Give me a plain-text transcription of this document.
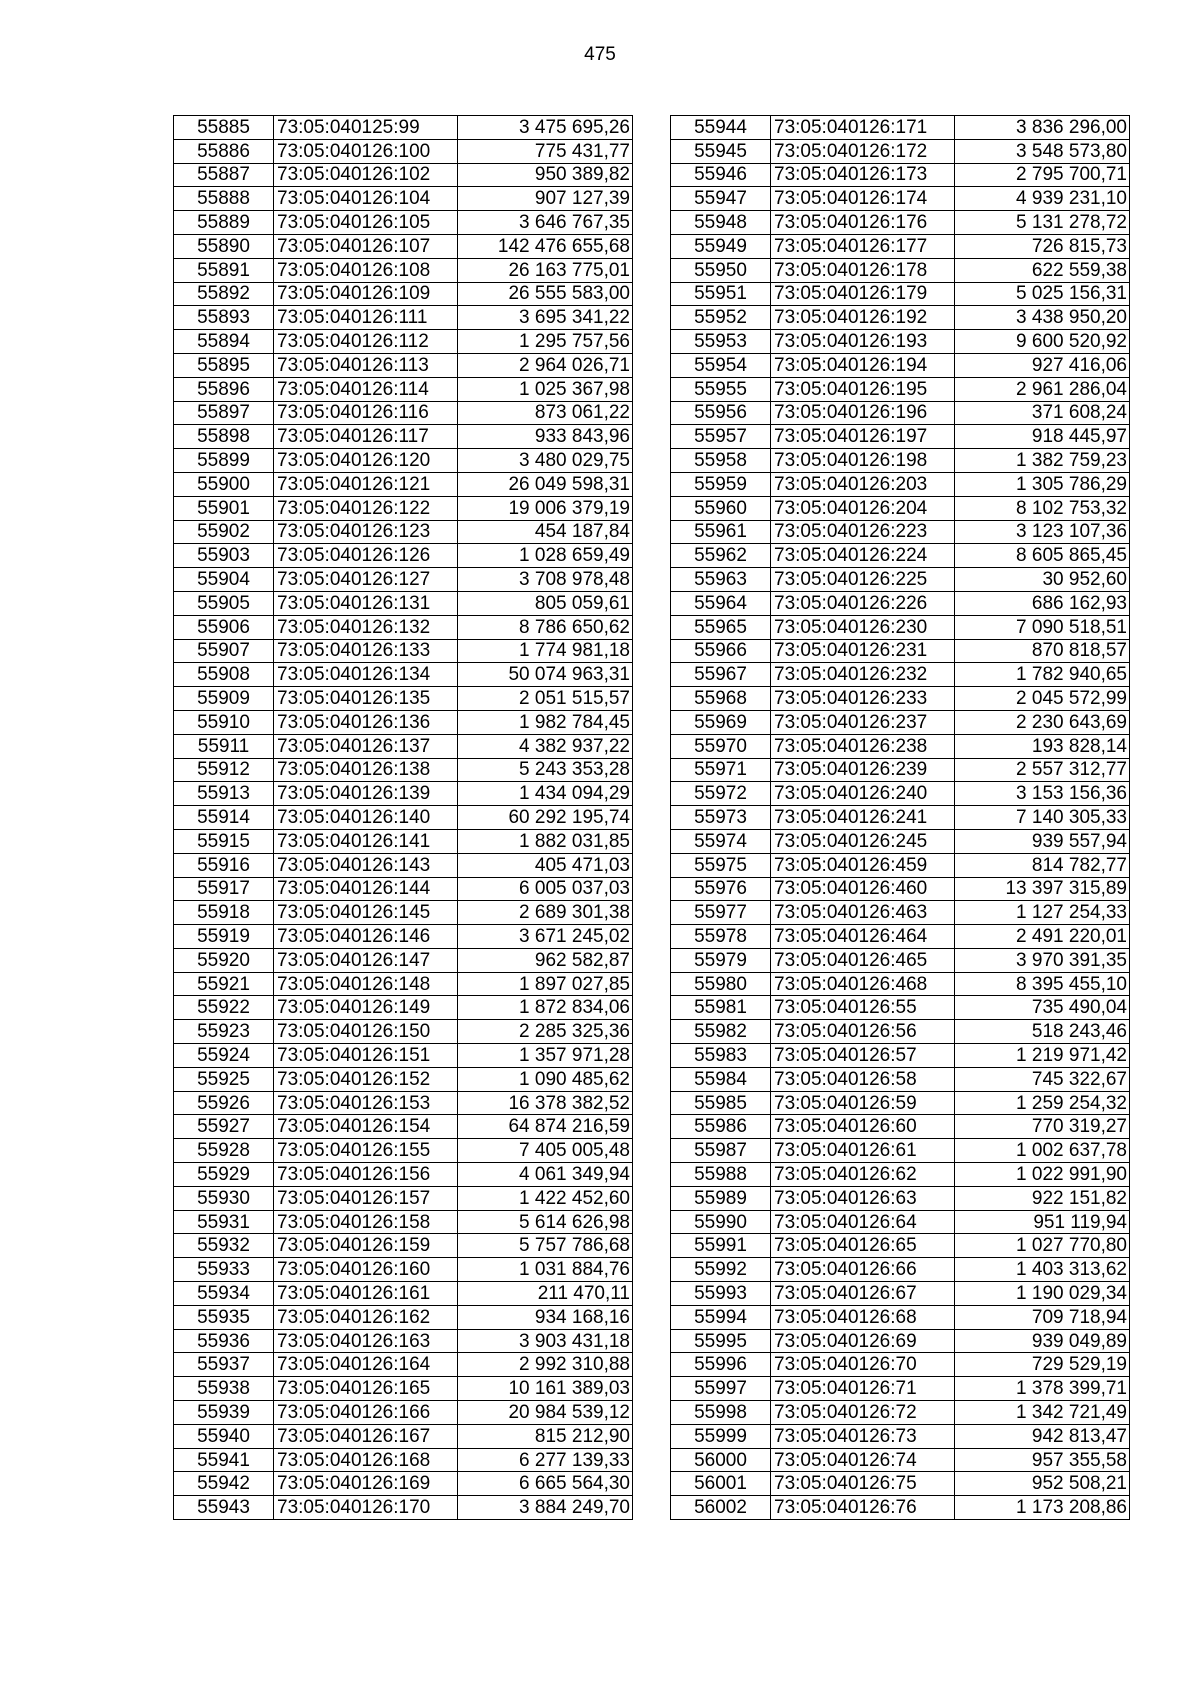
475
55885	73:05:040125:99	3 475 695,26
55886	73:05:040126:100	775 431,77
55887	73:05:040126:102	950 389,82
55888	73:05:040126:104	907 127,39
55889	73:05:040126:105	3 646 767,35
55890	73:05:040126:107	142 476 655,68
55891	73:05:040126:108	26 163 775,01
55892	73:05:040126:109	26 555 583,00
55893	73:05:040126:111	3 695 341,22
55894	73:05:040126:112	1 295 757,56
55895	73:05:040126:113	2 964 026,71
55896	73:05:040126:114	1 025 367,98
55897	73:05:040126:116	873 061,22
55898	73:05:040126:117	933 843,96
55899	73:05:040126:120	3 480 029,75
55900	73:05:040126:121	26 049 598,31
55901	73:05:040126:122	19 006 379,19
55902	73:05:040126:123	454 187,84
55903	73:05:040126:126	1 028 659,49
55904	73:05:040126:127	3 708 978,48
55905	73:05:040126:131	805 059,61
55906	73:05:040126:132	8 786 650,62
55907	73:05:040126:133	1 774 981,18
55908	73:05:040126:134	50 074 963,31
55909	73:05:040126:135	2 051 515,57
55910	73:05:040126:136	1 982 784,45
55911	73:05:040126:137	4 382 937,22
55912	73:05:040126:138	5 243 353,28
55913	73:05:040126:139	1 434 094,29
55914	73:05:040126:140	60 292 195,74
55915	73:05:040126:141	1 882 031,85
55916	73:05:040126:143	405 471,03
55917	73:05:040126:144	6 005 037,03
55918	73:05:040126:145	2 689 301,38
55919	73:05:040126:146	3 671 245,02
55920	73:05:040126:147	962 582,87
55921	73:05:040126:148	1 897 027,85
55922	73:05:040126:149	1 872 834,06
55923	73:05:040126:150	2 285 325,36
55924	73:05:040126:151	1 357 971,28
55925	73:05:040126:152	1 090 485,62
55926	73:05:040126:153	16 378 382,52
55927	73:05:040126:154	64 874 216,59
55928	73:05:040126:155	7 405 005,48
55929	73:05:040126:156	4 061 349,94
55930	73:05:040126:157	1 422 452,60
55931	73:05:040126:158	5 614 626,98
55932	73:05:040126:159	5 757 786,68
55933	73:05:040126:160	1 031 884,76
55934	73:05:040126:161	211 470,11
55935	73:05:040126:162	934 168,16
55936	73:05:040126:163	3 903 431,18
55937	73:05:040126:164	2 992 310,88
55938	73:05:040126:165	10 161 389,03
55939	73:05:040126:166	20 984 539,12
55940	73:05:040126:167	815 212,90
55941	73:05:040126:168	6 277 139,33
55942	73:05:040126:169	6 665 564,30
55943	73:05:040126:170	3 884 249,70
55944	73:05:040126:171	3 836 296,00
55945	73:05:040126:172	3 548 573,80
55946	73:05:040126:173	2 795 700,71
55947	73:05:040126:174	4 939 231,10
55948	73:05:040126:176	5 131 278,72
55949	73:05:040126:177	726 815,73
55950	73:05:040126:178	622 559,38
55951	73:05:040126:179	5 025 156,31
55952	73:05:040126:192	3 438 950,20
55953	73:05:040126:193	9 600 520,92
55954	73:05:040126:194	927 416,06
55955	73:05:040126:195	2 961 286,04
55956	73:05:040126:196	371 608,24
55957	73:05:040126:197	918 445,97
55958	73:05:040126:198	1 382 759,23
55959	73:05:040126:203	1 305 786,29
55960	73:05:040126:204	8 102 753,32
55961	73:05:040126:223	3 123 107,36
55962	73:05:040126:224	8 605 865,45
55963	73:05:040126:225	30 952,60
55964	73:05:040126:226	686 162,93
55965	73:05:040126:230	7 090 518,51
55966	73:05:040126:231	870 818,57
55967	73:05:040126:232	1 782 940,65
55968	73:05:040126:233	2 045 572,99
55969	73:05:040126:237	2 230 643,69
55970	73:05:040126:238	193 828,14
55971	73:05:040126:239	2 557 312,77
55972	73:05:040126:240	3 153 156,36
55973	73:05:040126:241	7 140 305,33
55974	73:05:040126:245	939 557,94
55975	73:05:040126:459	814 782,77
55976	73:05:040126:460	13 397 315,89
55977	73:05:040126:463	1 127 254,33
55978	73:05:040126:464	2 491 220,01
55979	73:05:040126:465	3 970 391,35
55980	73:05:040126:468	8 395 455,10
55981	73:05:040126:55	735 490,04
55982	73:05:040126:56	518 243,46
55983	73:05:040126:57	1 219 971,42
55984	73:05:040126:58	745 322,67
55985	73:05:040126:59	1 259 254,32
55986	73:05:040126:60	770 319,27
55987	73:05:040126:61	1 002 637,78
55988	73:05:040126:62	1 022 991,90
55989	73:05:040126:63	922 151,82
55990	73:05:040126:64	951 119,94
55991	73:05:040126:65	1 027 770,80
55992	73:05:040126:66	1 403 313,62
55993	73:05:040126:67	1 190 029,34
55994	73:05:040126:68	709 718,94
55995	73:05:040126:69	939 049,89
55996	73:05:040126:70	729 529,19
55997	73:05:040126:71	1 378 399,71
55998	73:05:040126:72	1 342 721,49
55999	73:05:040126:73	942 813,47
56000	73:05:040126:74	957 355,58
56001	73:05:040126:75	952 508,21
56002	73:05:040126:76	1 173 208,86
